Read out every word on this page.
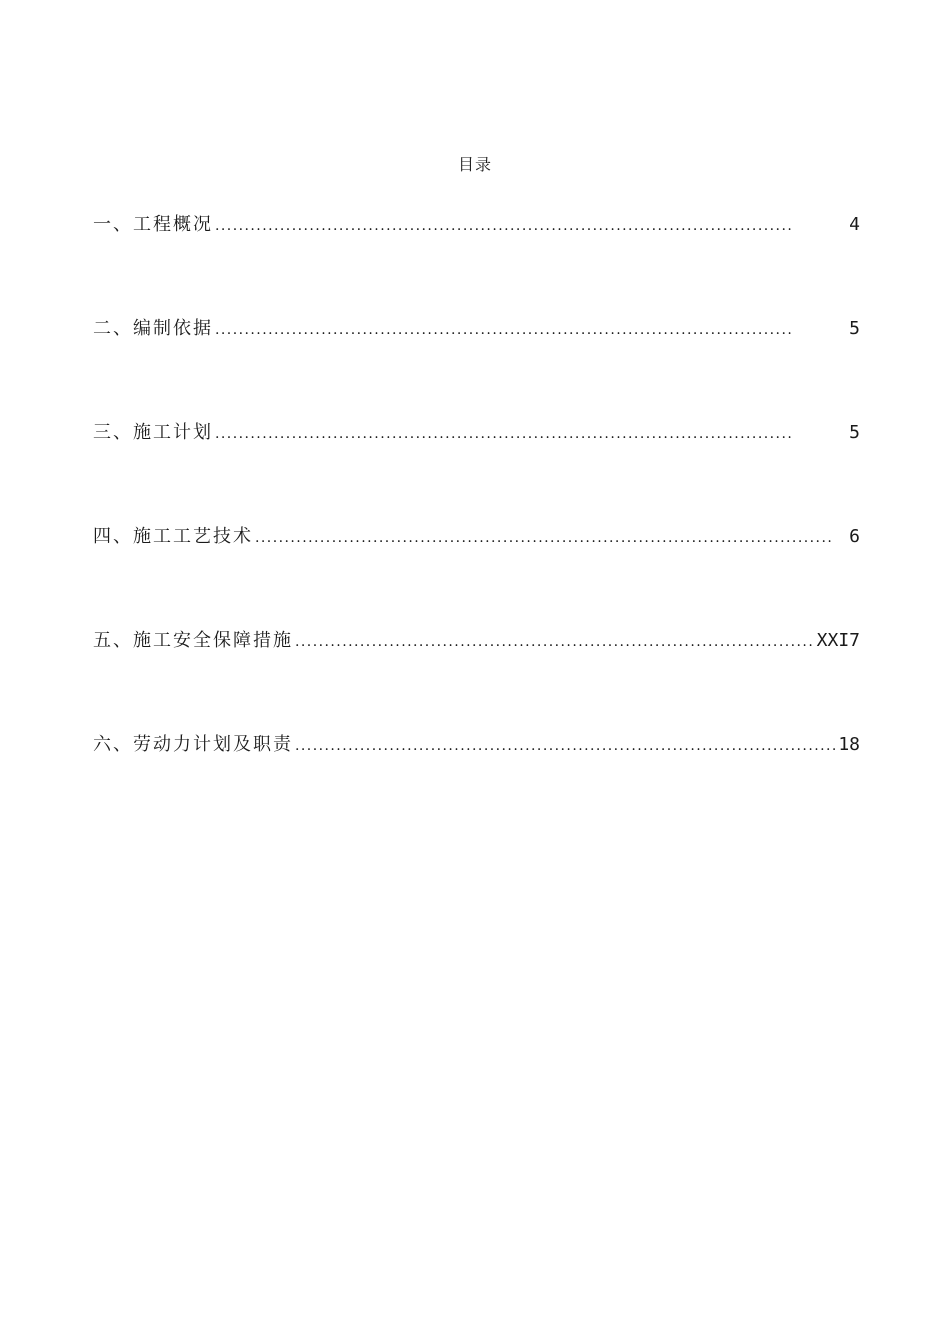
目录
一、工程概况 . . .	4
二、编制依据 . . .	5
三、施工计划 . . .	5
四、施工工艺技术 . . .	6
五、施工安全保障措施 . . .	XXI7
六、劳动力计划及职责 . . .	18
